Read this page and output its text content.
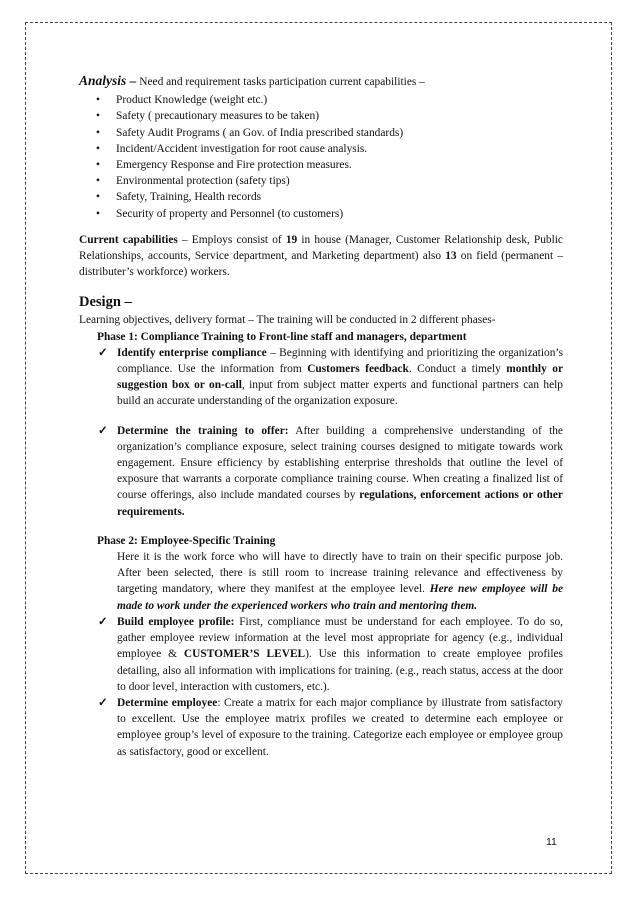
Analysis – Need and requirement tasks participation current capabilities –

• Product Knowledge (weight etc.)
• Safety ( precautionary measures to be taken)
• Safety Audit Programs ( an Gov. of India prescribed standards)
• Incident/Accident investigation for root cause analysis.
• Emergency Response and Fire protection measures.
• Environmental protection (safety tips)
• Safety, Training, Health records
• Security of property and Personnel (to customers)

Current capabilities – Employs consist of 19 in house (Manager, Customer Relationship desk, Public Relationships, accounts, Service department, and Marketing department) also 13 on field (permanent – distributer’s workforce) workers.

Design –

Learning objectives, delivery format – The training will be conducted in 2 different phases-

Phase 1: Compliance Training to Front-line staff and managers, department

✓ Identify enterprise compliance – Beginning with identifying and prioritizing the organization’s compliance. Use the information from Customers feedback. Conduct a timely monthly or suggestion box or on-call, input from subject matter experts and functional partners can help build an accurate understanding of the organization exposure.
✓ Determine the training to offer: After building a comprehensive understanding of the organization’s compliance exposure, select training courses designed to mitigate towards work engagement. Ensure efficiency by establishing enterprise thresholds that outline the level of exposure that warrants a corporate compliance training course. When creating a finalized list of course offerings, also include mandated courses by regulations, enforcement actions or other requirements.

Phase 2: Employee-Specific Training

Here it is the work force who will have to directly have to train on their specific purpose job. After been selected, there is still room to increase training relevance and effectiveness by targeting mandatory, where they manifest at the employee level. Here new employee will be made to work under the experienced workers who train and mentoring them.

✓ Build employee profile: First, compliance must be understand for each employee. To do so, gather employee review information at the level most appropriate for agency (e.g., individual employee & CUSTOMER’S LEVEL). Use this information to create employee profiles detailing, also all information with implications for training. (e.g., reach status, access at the door to door level, interaction with customers, etc.).
✓ Determine employee: Create a matrix for each major compliance by illustrate from satisfactory to excellent. Use the employee matrix profiles we created to determine each employee or employee group’s level of exposure to the training. Categorize each employee or employee group as satisfactory, good or excellent.
11
